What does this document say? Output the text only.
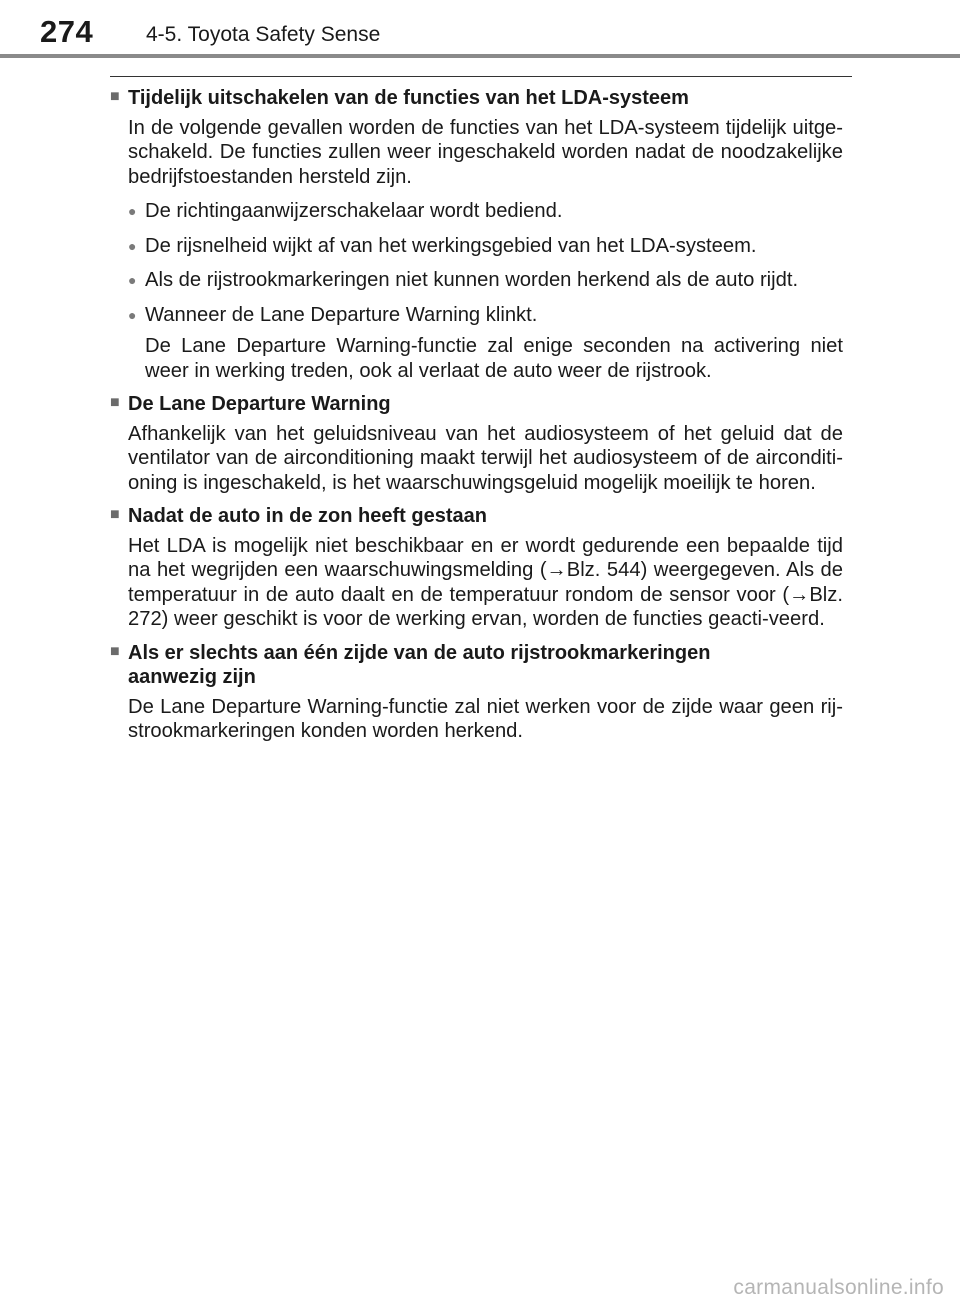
274	4-5. Toyota Safety Sense
■ Tijdelijk uitschakelen van de functies van het LDA-systeem

In de volgende gevallen worden de functies van het LDA-systeem tijdelijk uitge-schakeld. De functies zullen weer ingeschakeld worden nadat de noodzakelijke bedrijfstoestanden hersteld zijn.

● De richtingaanwijzerschakelaar wordt bediend.
● De rijsnelheid wijkt af van het werkingsgebied van het LDA-systeem.
● Als de rijstrookmarkeringen niet kunnen worden herkend als de auto rijdt.
● Wanneer de Lane Departure Warning klinkt.

De Lane Departure Warning-functie zal enige seconden na activering niet weer in werking treden, ook al verlaat de auto weer de rijstrook.

■ De Lane Departure Warning

Afhankelijk van het geluidsniveau van het audiosysteem of het geluid dat de ventilator van de airconditioning maakt terwijl het audiosysteem of de airconditi-oning is ingeschakeld, is het waarschuwingsgeluid mogelijk moeilijk te horen.

■ Nadat de auto in de zon heeft gestaan

Het LDA is mogelijk niet beschikbaar en er wordt gedurende een bepaalde tijd na het wegrijden een waarschuwingsmelding (→Blz. 544) weergegeven. Als de temperatuur in de auto daalt en de temperatuur rondom de sensor voor (→Blz. 272) weer geschikt is voor de werking ervan, worden de functies geacti-veerd.

■ Als er slechts aan één zijde van de auto rijstrookmarkeringen
aanwezig zijn

De Lane Departure Warning-functie zal niet werken voor de zijde waar geen rij-strookmarkeringen konden worden herkend.

carmanualsonline.info
